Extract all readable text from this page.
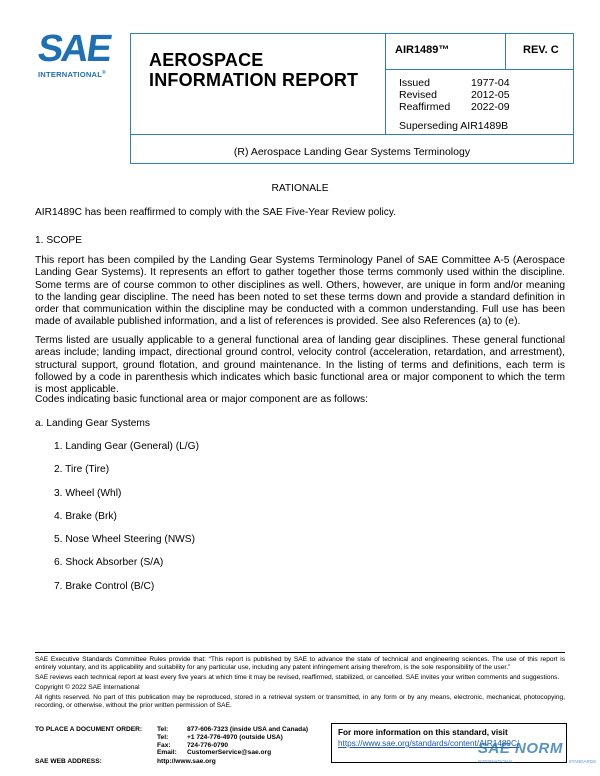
SAE
INTERNATIONAL®
AEROSPACE
INFORMATION REPORT
AIR1489™	REV. C
Issued	1977-04
Revised	2012-05
Reaffirmed	2022-09
Superseding AIR1489B
(R) Aerospace Landing Gear Systems Terminology
RATIONALE
AIR1489C has been reaffirmed to comply with the SAE Five-Year Review policy.
1. SCOPE
This report has been compiled by the Landing Gear Systems Terminology Panel of SAE Committee A-5 (Aerospace Landing Gear Systems). It represents an effort to gather together those terms commonly used within the discipline. Some terms are of course common to other disciplines as well. Others, however, are unique in form and/or meaning to the landing gear discipline. The need has been noted to set these terms down and provide a standard definition in order that communication within the discipline may be conducted with a common understanding. Full use has been made of available published information, and a list of references is provided. See also References (a) to (e).
Terms listed are usually applicable to a general functional area of landing gear disciplines. These general functional areas include; landing impact, directional ground control, velocity control (acceleration, retardation, and arrestment), structural support, ground flotation, and ground maintenance. In the listing of terms and definitions, each term is followed by a code in parenthesis which indicates which basic functional area or major component to which the term is most applicable.
Codes indicating basic functional area or major component are as follows:
a. Landing Gear Systems
1. Landing Gear (General) (L/G)
2. Tire (Tire)
3. Wheel (Whl)
4. Brake (Brk)
5. Nose Wheel Steering (NWS)
6. Shock Absorber (S/A)
7. Brake Control (B/C)
SAE Executive Standards Committee Rules provide that: “This report is published by SAE to advance the state of technical and engineering sciences. The use of this report is entirely voluntary, and its applicability and suitability for any particular use, including any patent infringement arising therefrom, is the sole responsibility of the user.”
SAE reviews each technical report at least every five years at which time it may be revised, reaffirmed, stabilized, or cancelled. SAE invites your written comments and suggestions.
Copyright © 2022 SAE International
All rights reserved. No part of this publication may be reproduced, stored in a retrieval system or transmitted, in any form or by any means, electronic, mechanical, photocopying, recording, or otherwise, without the prior written permission of SAE.
TO PLACE A DOCUMENT ORDER:	Tel:	877-606-7323 (inside USA and Canada)
	Tel:	+1 724-776-4970 (outside USA)
	Fax:	724-776-0790
	Email:	CustomerService@sae.org
SAE WEB ADDRESS:	http://www.sae.org	
For more information on this standard, visit
https://www.sae.org/standards/content/AIR1489C/
SAE NORM
INTERNATIONAL	STANDARDS
